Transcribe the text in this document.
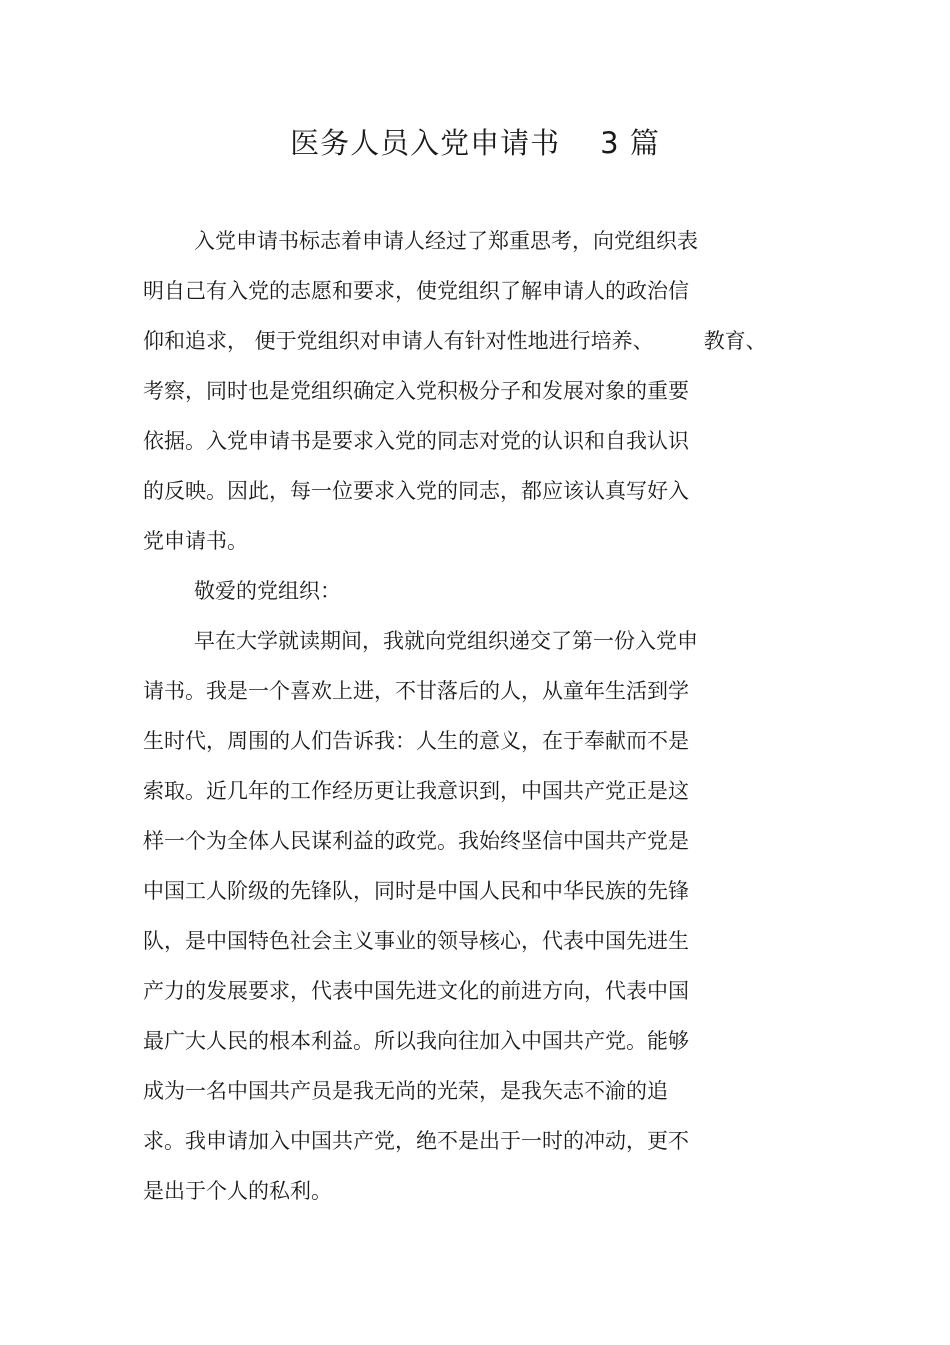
医务人员入党申请书 3 篇
入党申请书标志着申请人经过了郑重思考，向党组织表
明自己有入党的志愿和要求，使党组织了解申请人的政治信
仰和追求， 便于党组织对申请人有针对性地进行培养、 教育、
考察，同时也是党组织确定入党积极分子和发展对象的重要
依据。入党申请书是要求入党的同志对党的认识和自我认识
的反映。因此，每一位要求入党的同志，都应该认真写好入
党申请书。
敬爱的党组织：
早在大学就读期间，我就向党组织递交了第一份入党申
请书。我是一个喜欢上进，不甘落后的人，从童年生活到学
生时代，周围的人们告诉我：人生的意义，在于奉献而不是
索取。近几年的工作经历更让我意识到，中国共产党正是这
样一个为全体人民谋利益的政党。我始终坚信中国共产党是
中国工人阶级的先锋队，同时是中国人民和中华民族的先锋
队，是中国特色社会主义事业的领导核心，代表中国先进生
产力的发展要求，代表中国先进文化的前进方向，代表中国
最广大人民的根本利益。所以我向往加入中国共产党。能够
成为一名中国共产员是我无尚的光荣，是我矢志不渝的追
求。我申请加入中国共产党，绝不是出于一时的冲动，更不
是出于个人的私利。
